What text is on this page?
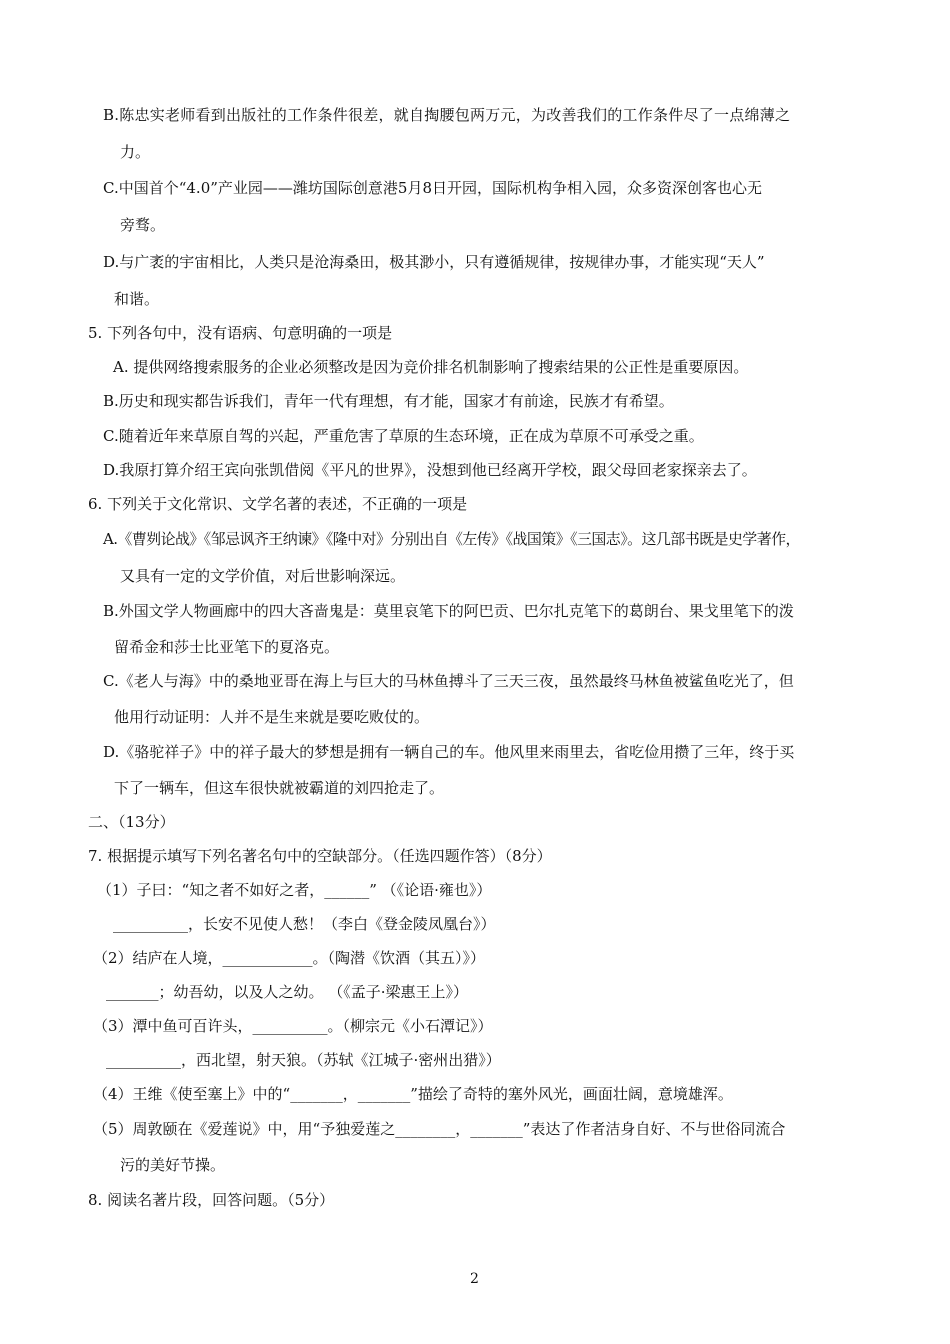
B.陈忠实老师看到出版社的工作条件很差，就自掏腰包两万元，为改善我们的工作条件尽了一点绵薄之
力。
C.中国首个“4.0”产业园——潍坊国际创意港5月8日开园，国际机构争相入园，众多资深创客也心无
旁骛。
D.与广袤的宇宙相比，人类只是沧海桑田，极其渺小，只有遵循规律，按规律办事，才能实现“天人”
和谐。
5. 下列各句中，没有语病、句意明确的一项是
A. 提供网络搜索服务的企业必须整改是因为竞价排名机制影响了搜索结果的公正性是重要原因。
B.历史和现实都告诉我们，青年一代有理想，有才能，国家才有前途，民族才有希望。
C.随着近年来草原自驾的兴起，严重危害了草原的生态环境，正在成为草原不可承受之重。
D.我原打算介绍王宾向张凯借阅《平凡的世界》，没想到他已经离开学校，跟父母回老家探亲去了。
6. 下列关于文化常识、文学名著的表述，不正确的一项是
A.《曹刿论战》《邹忌讽齐王纳谏》《隆中对》分别出自《左传》《战国策》《三国志》。这几部书既是史学著作，
又具有一定的文学价值，对后世影响深远。
B.外国文学人物画廊中的四大吝啬鬼是：莫里哀笔下的阿巴贡、巴尔扎克笔下的葛朗台、果戈里笔下的泼
留希金和莎士比亚笔下的夏洛克。
C.《老人与海》中的桑地亚哥在海上与巨大的马林鱼搏斗了三天三夜，虽然最终马林鱼被鲨鱼吃光了，但
他用行动证明：人并不是生来就是要吃败仗的。
D.《骆驼祥子》中的祥子最大的梦想是拥有一辆自己的车。他风里来雨里去，省吃俭用攒了三年，终于买
下了一辆车，但这车很快就被霸道的刘四抢走了。
二、（13分）
7. 根据提示填写下列名著名句中的空缺部分。（任选四题作答）（8分）
（1）子曰：“知之者不如好之者，______” （《论语·雍也》）
__________，长安不见使人愁！（李白《登金陵凤凰台》）
（2）结庐在人境，____________。（陶潜《饮酒（其五）》）
_______；幼吾幼，以及人之幼。 （《孟子·梁惠王上》）
（3）潭中鱼可百许头，__________。（柳宗元《小石潭记》）
__________，西北望，射天狼。（苏轼《江城子·密州出猎》）
（4）王维《使至塞上》中的“_______，_______”描绘了奇特的塞外风光，画面壮阔，意境雄浑。
（5）周敦颐在《爱莲说》中，用“予独爱莲之________，_______”表达了作者洁身自好、不与世俗同流合
污的美好节操。
8. 阅读名著片段，回答问题。（5分）
2
